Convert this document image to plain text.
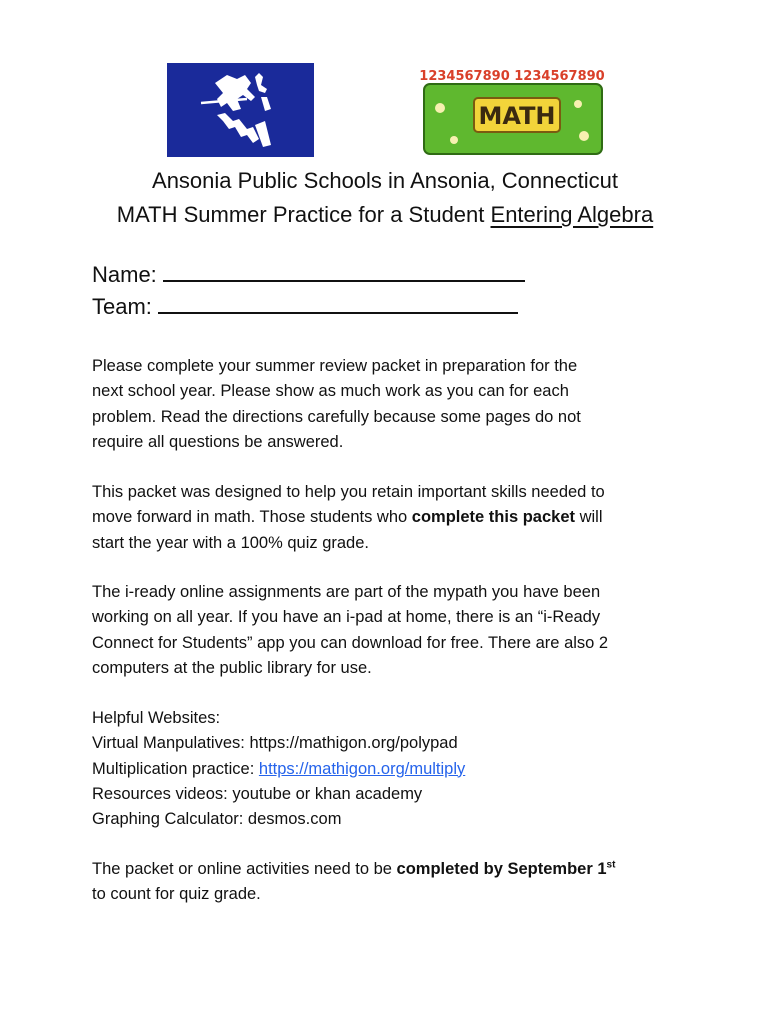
MATH
1234567890 1234567890
Ansonia Public Schools in Ansonia, Connecticut
MATH Summer Practice for a Student Entering Algebra
Name:
Team:
Please complete your summer review packet in preparation for the
next school year. Please show as much work as you can for each
problem. Read the directions carefully because some pages do not
require all questions be answered.
This packet was designed to help you retain important skills needed to
move forward in math. Those students who complete this packet will
start the year with a 100% quiz grade.
The i-ready online assignments are part of the mypath you have been
working on all year. If you have an i-pad at home, there is an “i-Ready
Connect for Students” app you can download for free. There are also 2
computers at the public library for use.
Helpful Websites:
Virtual Manpulatives: https://mathigon.org/polypad
Multiplication practice: https://mathigon.org/multiply
Resources videos: youtube or khan academy
Graphing Calculator: desmos.com
The packet or online activities need to be completed by September 1st
to count for quiz grade.
